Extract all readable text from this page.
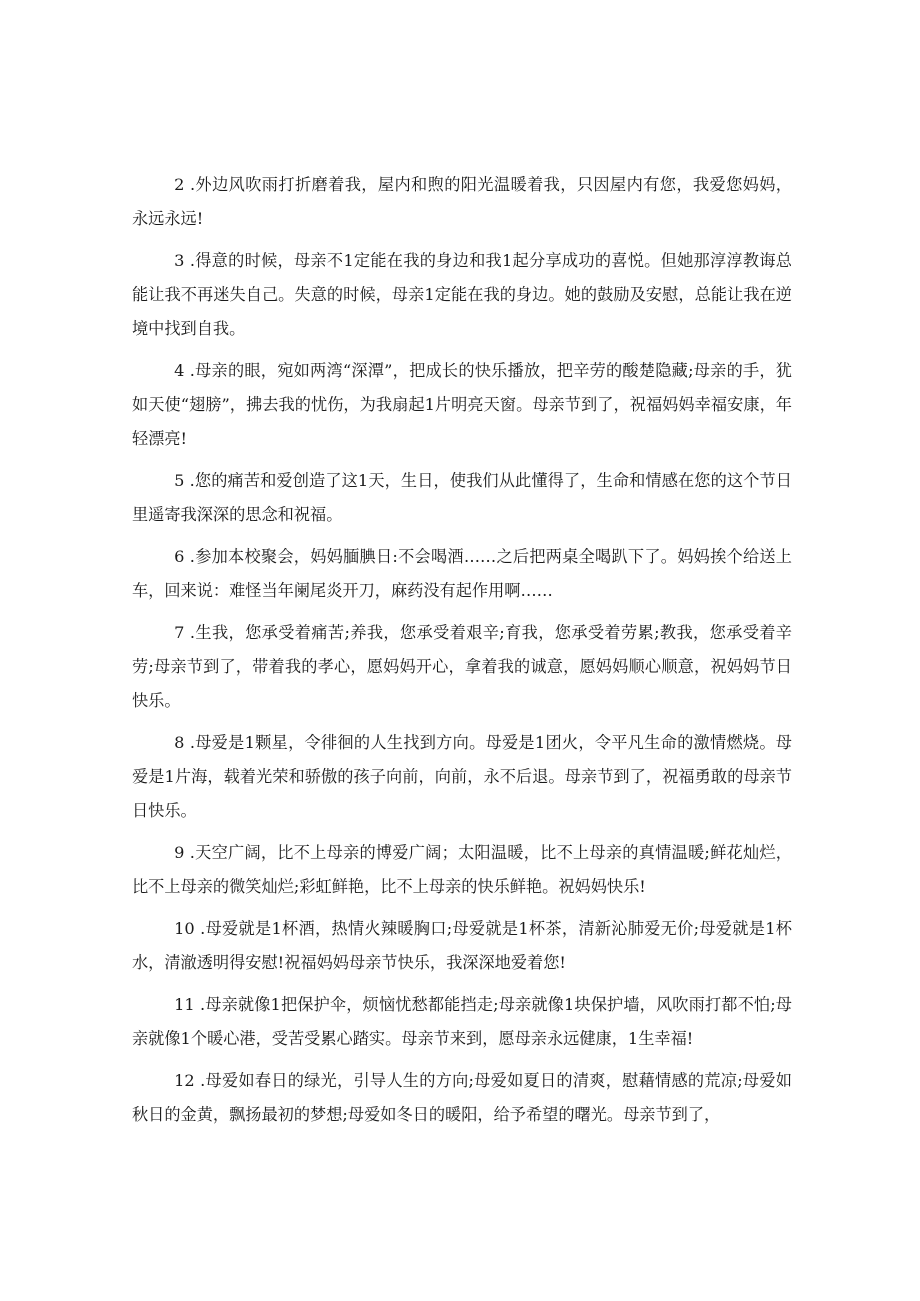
2 .外边风吹雨打折磨着我，屋内和煦的阳光温暖着我，只因屋内有您，我爱您妈妈，永远永远!

3 .得意的时候，母亲不1定能在我的身边和我1起分享成功的喜悦。但她那淳淳教诲总能让我不再迷失自己。失意的时候，母亲1定能在我的身边。她的鼓励及安慰，总能让我在逆境中找到自我。

4 .母亲的眼，宛如两湾“深潭”，把成长的快乐播放，把辛劳的酸楚隐藏;母亲的手，犹如天使“翅膀”，拂去我的忧伤，为我扇起1片明亮天窗。母亲节到了，祝福妈妈幸福安康，年轻漂亮!

5 .您的痛苦和爱创造了这1天，生日，使我们从此懂得了，生命和情感在您的这个节日里遥寄我深深的思念和祝福。

6 .参加本校聚会，妈妈腼腆日:不会喝酒……之后把两桌全喝趴下了。妈妈挨个给送上车，回来说：难怪当年阑尾炎开刀，麻药没有起作用啊……

7 .生我，您承受着痛苦;养我，您承受着艰辛;育我，您承受着劳累;教我，您承受着辛劳;母亲节到了，带着我的孝心，愿妈妈开心，拿着我的诚意，愿妈妈顺心顺意，祝妈妈节日快乐。

8 .母爱是1颗星，令徘徊的人生找到方向。母爱是1团火，令平凡生命的激情燃烧。母爱是1片海，载着光荣和骄傲的孩子向前，向前，永不后退。母亲节到了，祝福勇敢的母亲节日快乐。

9 .天空广阔，比不上母亲的博爱广阔；太阳温暖，比不上母亲的真情温暖;鲜花灿烂，比不上母亲的微笑灿烂;彩虹鲜艳，比不上母亲的快乐鲜艳。祝妈妈快乐!

10 .母爱就是1杯酒，热情火辣暖胸口;母爱就是1杯茶，清新沁肺爱无价;母爱就是1杯水，清澈透明得安慰!祝福妈妈母亲节快乐，我深深地爱着您!

11 .母亲就像1把保护伞，烦恼忧愁都能挡走;母亲就像1块保护墙，风吹雨打都不怕;母亲就像1个暖心港，受苦受累心踏实。母亲节来到，愿母亲永远健康，1生幸福!

12 .母爱如春日的绿光，引导人生的方向;母爱如夏日的清爽，慰藉情感的荒凉;母爱如秋日的金黄，飘扬最初的梦想;母爱如冬日的暖阳，给予希望的曙光。母亲节到了，
